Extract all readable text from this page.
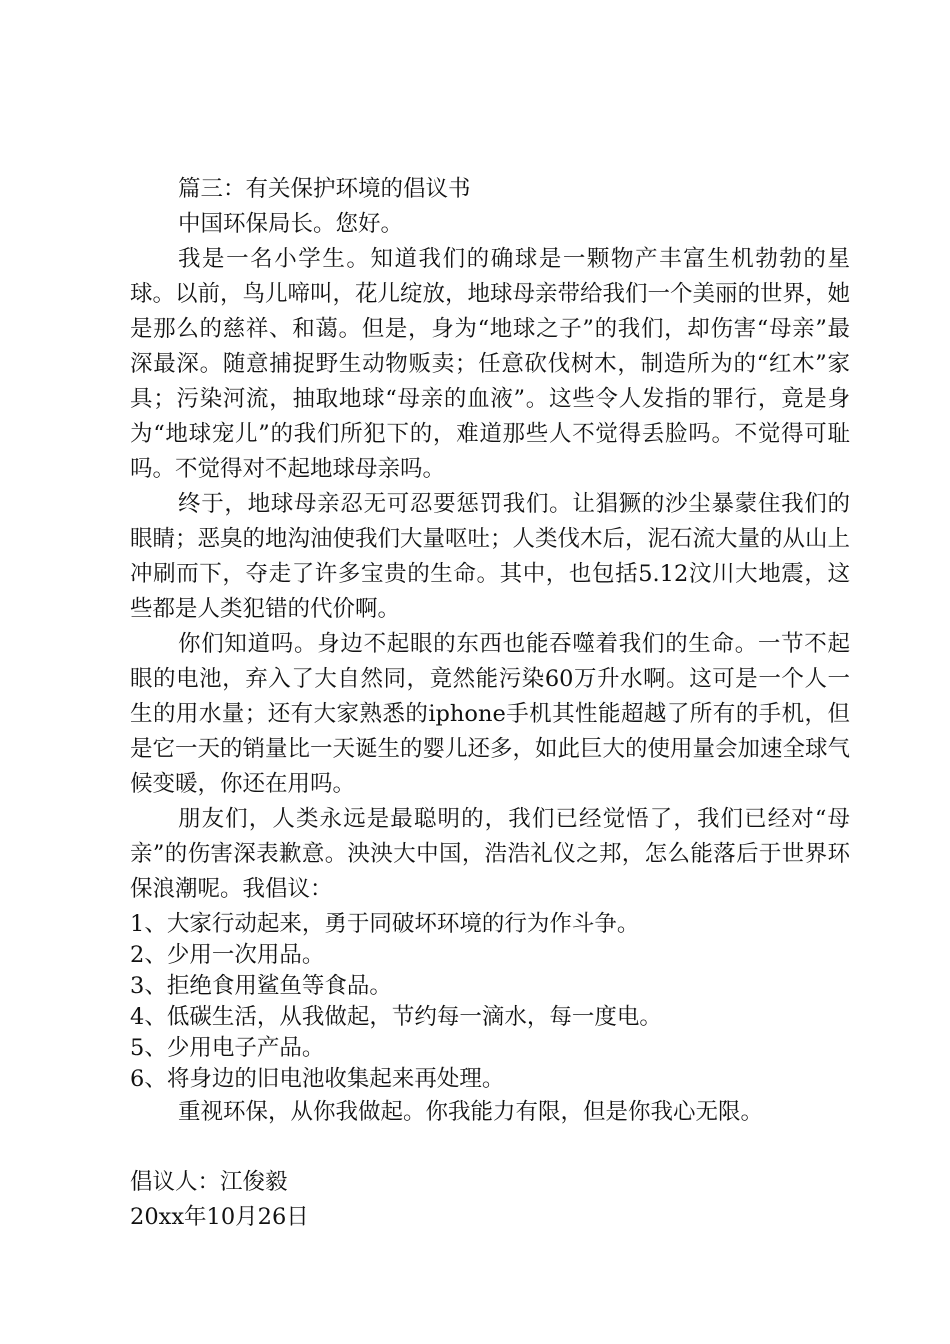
篇三：有关保护环境的倡议书

中国环保局长。您好。

我是一名小学生。知道我们的确球是一颗物产丰富生机勃勃的星球。以前，鸟儿啼叫，花儿绽放，地球母亲带给我们一个美丽的世界，她是那么的慈祥、和蔼。但是，身为“地球之子”的我们，却伤害“母亲”最深最深。随意捕捉野生动物贩卖；任意砍伐树木，制造所为的“红木”家具；污染河流，抽取地球“母亲的血液”。这些令人发指的罪行，竟是身为“地球宠儿”的我们所犯下的，难道那些人不觉得丢脸吗。不觉得可耻吗。不觉得对不起地球母亲吗。

终于，地球母亲忍无可忍要惩罚我们。让猖獗的沙尘暴蒙住我们的眼睛；恶臭的地沟油使我们大量呕吐；人类伐木后，泥石流大量的从山上冲刷而下，夺走了许多宝贵的生命。其中，也包括5.12汶川大地震，这些都是人类犯错的代价啊。

你们知道吗。身边不起眼的东西也能吞噬着我们的生命。一节不起眼的电池，弃入了大自然同，竟然能污染60万升水啊。这可是一个人一生的用水量；还有大家熟悉的iphone手机其性能超越了所有的手机，但是它一天的销量比一天诞生的婴儿还多，如此巨大的使用量会加速全球气候变暖，你还在用吗。

朋友们，人类永远是最聪明的，我们已经觉悟了，我们已经对“母亲”的伤害深表歉意。泱泱大中国，浩浩礼仪之邦，怎么能落后于世界环保浪潮呢。我倡议：

1、大家行动起来，勇于同破坏环境的行为作斗争。

2、少用一次用品。

3、拒绝食用鲨鱼等食品。

4、低碳生活，从我做起，节约每一滴水，每一度电。

5、少用电子产品。

6、将身边的旧电池收集起来再处理。

重视环保，从你我做起。你我能力有限，但是你我心无限。

倡议人：江俊毅

20xx年10月26日
